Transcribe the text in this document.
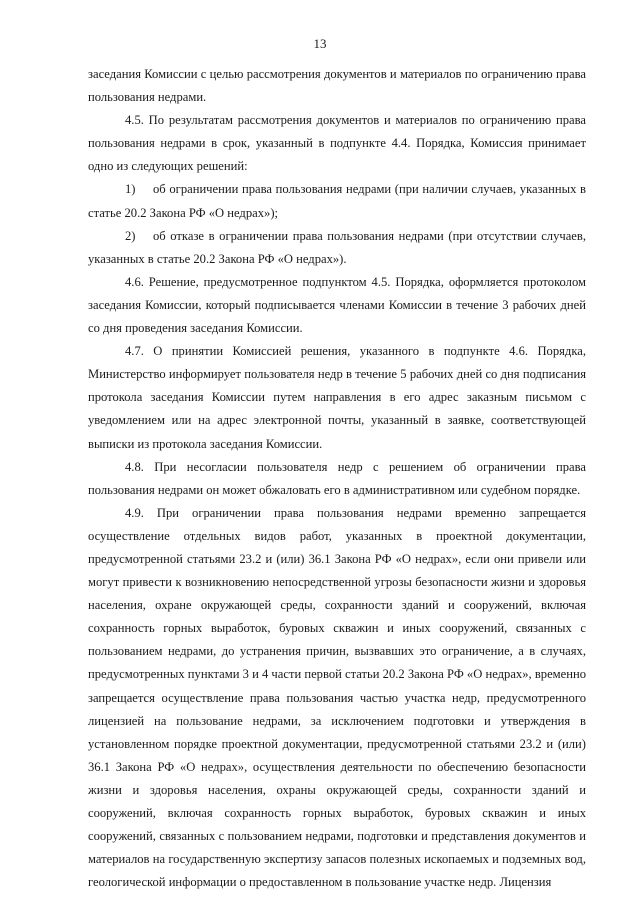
13

заседания Комиссии с целью рассмотрения документов и материалов по ограничению права пользования недрами.

4.5. По результатам рассмотрения документов и материалов по ограничению права пользования недрами в срок, указанный в подпункте 4.4. Порядка, Комиссия принимает одно из следующих решений:

1) об ограничении права пользования недрами (при наличии случаев, указанных в статье 20.2 Закона РФ «О недрах»);

2) об отказе в ограничении права пользования недрами (при отсутствии случаев, указанных в статье 20.2 Закона РФ «О недрах»).

4.6. Решение, предусмотренное подпунктом 4.5. Порядка, оформляется протоколом заседания Комиссии, который подписывается членами Комиссии в течение 3 рабочих дней со дня проведения заседания Комиссии.

4.7. О принятии Комиссией решения, указанного в подпункте 4.6. Порядка, Министерство информирует пользователя недр в течение 5 рабочих дней со дня подписания протокола заседания Комиссии путем направления в его адрес заказным письмом с уведомлением или на адрес электронной почты, указанный в заявке, соответствующей выписки из протокола заседания Комиссии.

4.8. При несогласии пользователя недр с решением об ограничении права пользования недрами он может обжаловать его в административном или судебном порядке.

4.9. При ограничении права пользования недрами временно запрещается осуществление отдельных видов работ, указанных в проектной документации, предусмотренной статьями 23.2 и (или) 36.1 Закона РФ «О недрах», если они привели или могут привести к возникновению непосредственной угрозы безопасности жизни и здоровья населения, охране окружающей среды, сохранности зданий и сооружений, включая сохранность горных выработок, буровых скважин и иных сооружений, связанных с пользованием недрами, до устранения причин, вызвавших это ограничение, а в случаях, предусмотренных пунктами 3 и 4 части первой статьи 20.2 Закона РФ «О недрах», временно запрещается осуществление права пользования частью участка недр, предусмотренного лицензией на пользование недрами, за исключением подготовки и утверждения в установленном порядке проектной документации, предусмотренной статьями 23.2 и (или) 36.1 Закона РФ «О недрах», осуществления деятельности по обеспечению безопасности жизни и здоровья населения, охраны окружающей среды, сохранности зданий и сооружений, включая сохранность горных выработок, буровых скважин и иных сооружений, связанных с пользованием недрами, подготовки и представления документов и материалов на государственную экспертизу запасов полезных ископаемых и подземных вод, геологической информации о предоставленном в пользование участке недр. Лицензия
